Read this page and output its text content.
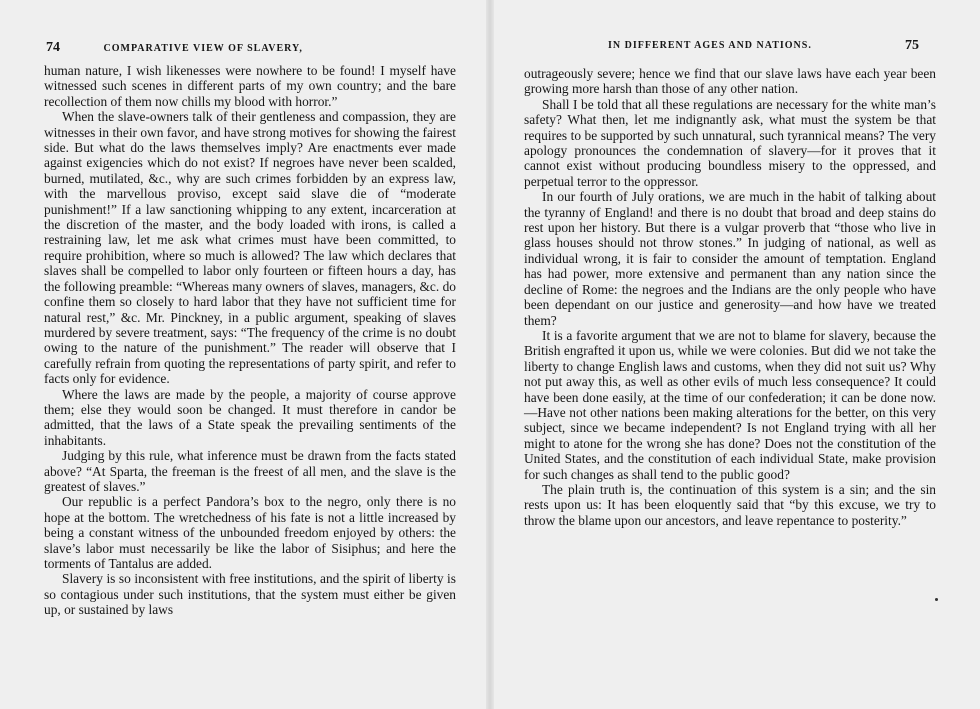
74	COMPARATIVE VIEW OF SLAVERY,

human nature, I wish likenesses were nowhere to be found! I myself have witnessed such scenes in different parts of my own country; and the bare recollection of them now chills my blood with horror.”

When the slave-owners talk of their gentleness and compassion, they are witnesses in their own favor, and have strong motives for showing the fairest side. But what do the laws themselves imply? Are enactments ever made against exigencies which do not exist? If negroes have never been scalded, burned, mutilated, &c., why are such crimes forbidden by an express law, with the marvellous proviso, except said slave die of “moderate punishment!” If a law sanctioning whipping to any extent, incarceration at the discretion of the master, and the body loaded with irons, is called a restraining law, let me ask what crimes must have been committed, to require prohibition, where so much is allowed? The law which declares that slaves shall be compelled to labor only fourteen or fifteen hours a day, has the following preamble: “Whereas many owners of slaves, managers, &c. do confine them so closely to hard labor that they have not sufficient time for natural rest,” &c. Mr. Pinckney, in a public argument, speaking of slaves murdered by severe treatment, says: “The frequency of the crime is no doubt owing to the nature of the punishment.” The reader will observe that I carefully refrain from quoting the representations of party spirit, and refer to facts only for evidence.

Where the laws are made by the people, a majority of course approve them; else they would soon be changed. It must therefore in candor be admitted, that the laws of a State speak the prevailing sentiments of the inhabitants.

Judging by this rule, what inference must be drawn from the facts stated above? “At Sparta, the freeman is the freest of all men, and the slave is the greatest of slaves.”

Our republic is a perfect Pandora’s box to the negro, only there is no hope at the bottom. The wretchedness of his fate is not a little increased by being a constant witness of the unbounded freedom enjoyed by others: the slave’s labor must necessarily be like the labor of Sisiphus; and here the torments of Tantalus are added.

Slavery is so inconsistent with free institutions, and the spirit of liberty is so contagious under such institutions, that the system must either be given up, or sustained by laws

IN DIFFERENT AGES AND NATIONS.	75

outrageously severe; hence we find that our slave laws have each year been growing more harsh than those of any other nation.

Shall I be told that all these regulations are necessary for the white man’s safety? What then, let me indignantly ask, what must the system be that requires to be supported by such unnatural, such tyrannical means? The very apology pronounces the condemnation of slavery—for it proves that it cannot exist without producing boundless misery to the oppressed, and perpetual terror to the oppressor.

In our fourth of July orations, we are much in the habit of talking about the tyranny of England! and there is no doubt that broad and deep stains do rest upon her history. But there is a vulgar proverb that “those who live in glass houses should not throw stones.” In judging of national, as well as individual wrong, it is fair to consider the amount of temptation. England has had power, more extensive and permanent than any nation since the decline of Rome: the negroes and the Indians are the only people who have been dependant on our justice and generosity—and how have we treated them?

It is a favorite argument that we are not to blame for slavery, because the British engrafted it upon us, while we were colonies. But did we not take the liberty to change English laws and customs, when they did not suit us? Why not put away this, as well as other evils of much less consequence? It could have been done easily, at the time of our confederation; it can be done now.—Have not other nations been making alterations for the better, on this very subject, since we became independent? Is not England trying with all her might to atone for the wrong she has done? Does not the constitution of the United States, and the constitution of each individual State, make provision for such changes as shall tend to the public good?

The plain truth is, the continuation of this system is a sin; and the sin rests upon us: It has been eloquently said that “by this excuse, we try to throw the blame upon our ancestors, and leave repentance to posterity.”
